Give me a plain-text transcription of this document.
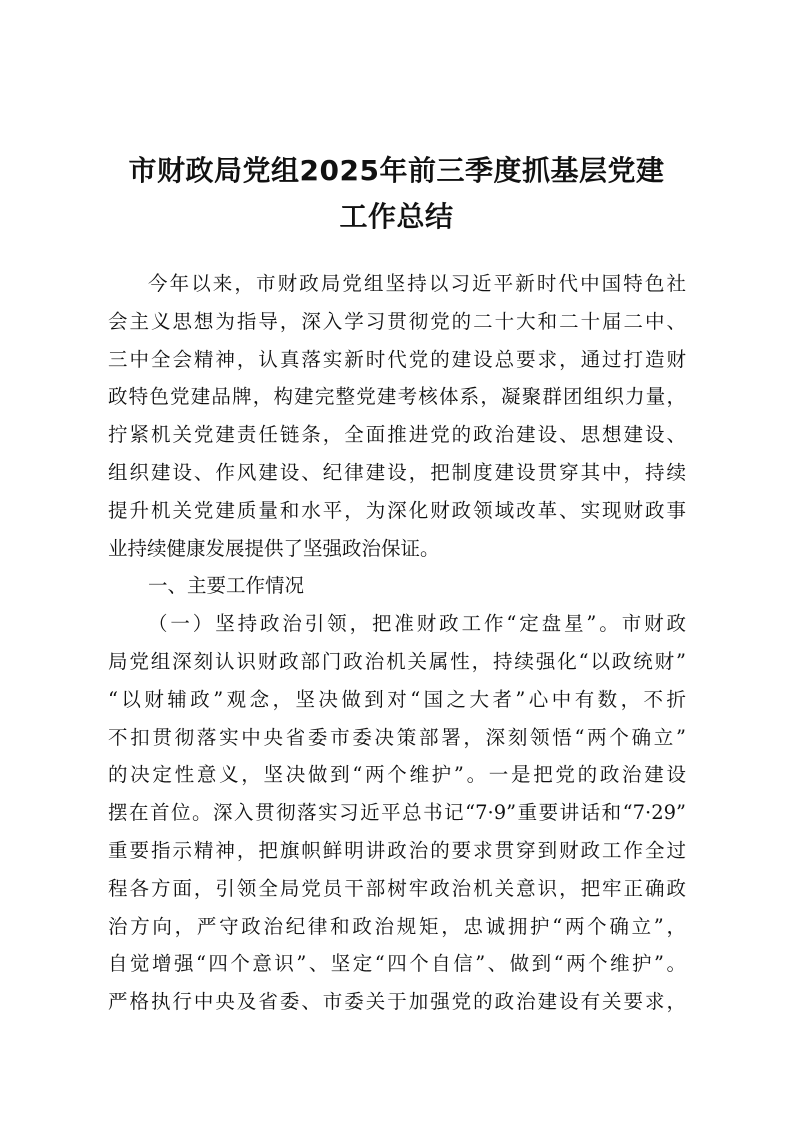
市财政局党组2025年前三季度抓基层党建
工作总结

今年以来，市财政局党组坚持以习近平新时代中国特色社
会主义思想为指导，深入学习贯彻党的二十大和二十届二中、
三中全会精神，认真落实新时代党的建设总要求，通过打造财
政特色党建品牌，构建完整党建考核体系，凝聚群团组织力量，
拧紧机关党建责任链条，全面推进党的政治建设、思想建设、
组织建设、作风建设、纪律建设，把制度建设贯穿其中，持续
提升机关党建质量和水平，为深化财政领域改革、实现财政事
业持续健康发展提供了坚强政治保证。

一、主要工作情况

（一）坚持政治引领，把准财政工作“定盘星”。市财政
局党组深刻认识财政部门政治机关属性，持续强化“以政统财”
“以财辅政”观念，坚决做到对“国之大者”心中有数，不折
不扣贯彻落实中央省委市委决策部署，深刻领悟“两个确立”
的决定性意义，坚决做到“两个维护”。一是把党的政治建设
摆在首位。深入贯彻落实习近平总书记“7·9”重要讲话和“7·29”
重要指示精神，把旗帜鲜明讲政治的要求贯穿到财政工作全过
程各方面，引领全局党员干部树牢政治机关意识，把牢正确政
治方向，严守政治纪律和政治规矩，忠诚拥护“两个确立”，
自觉增强“四个意识”、坚定“四个自信”、做到“两个维护”。
严格执行中央及省委、市委关于加强党的政治建设有关要求，
